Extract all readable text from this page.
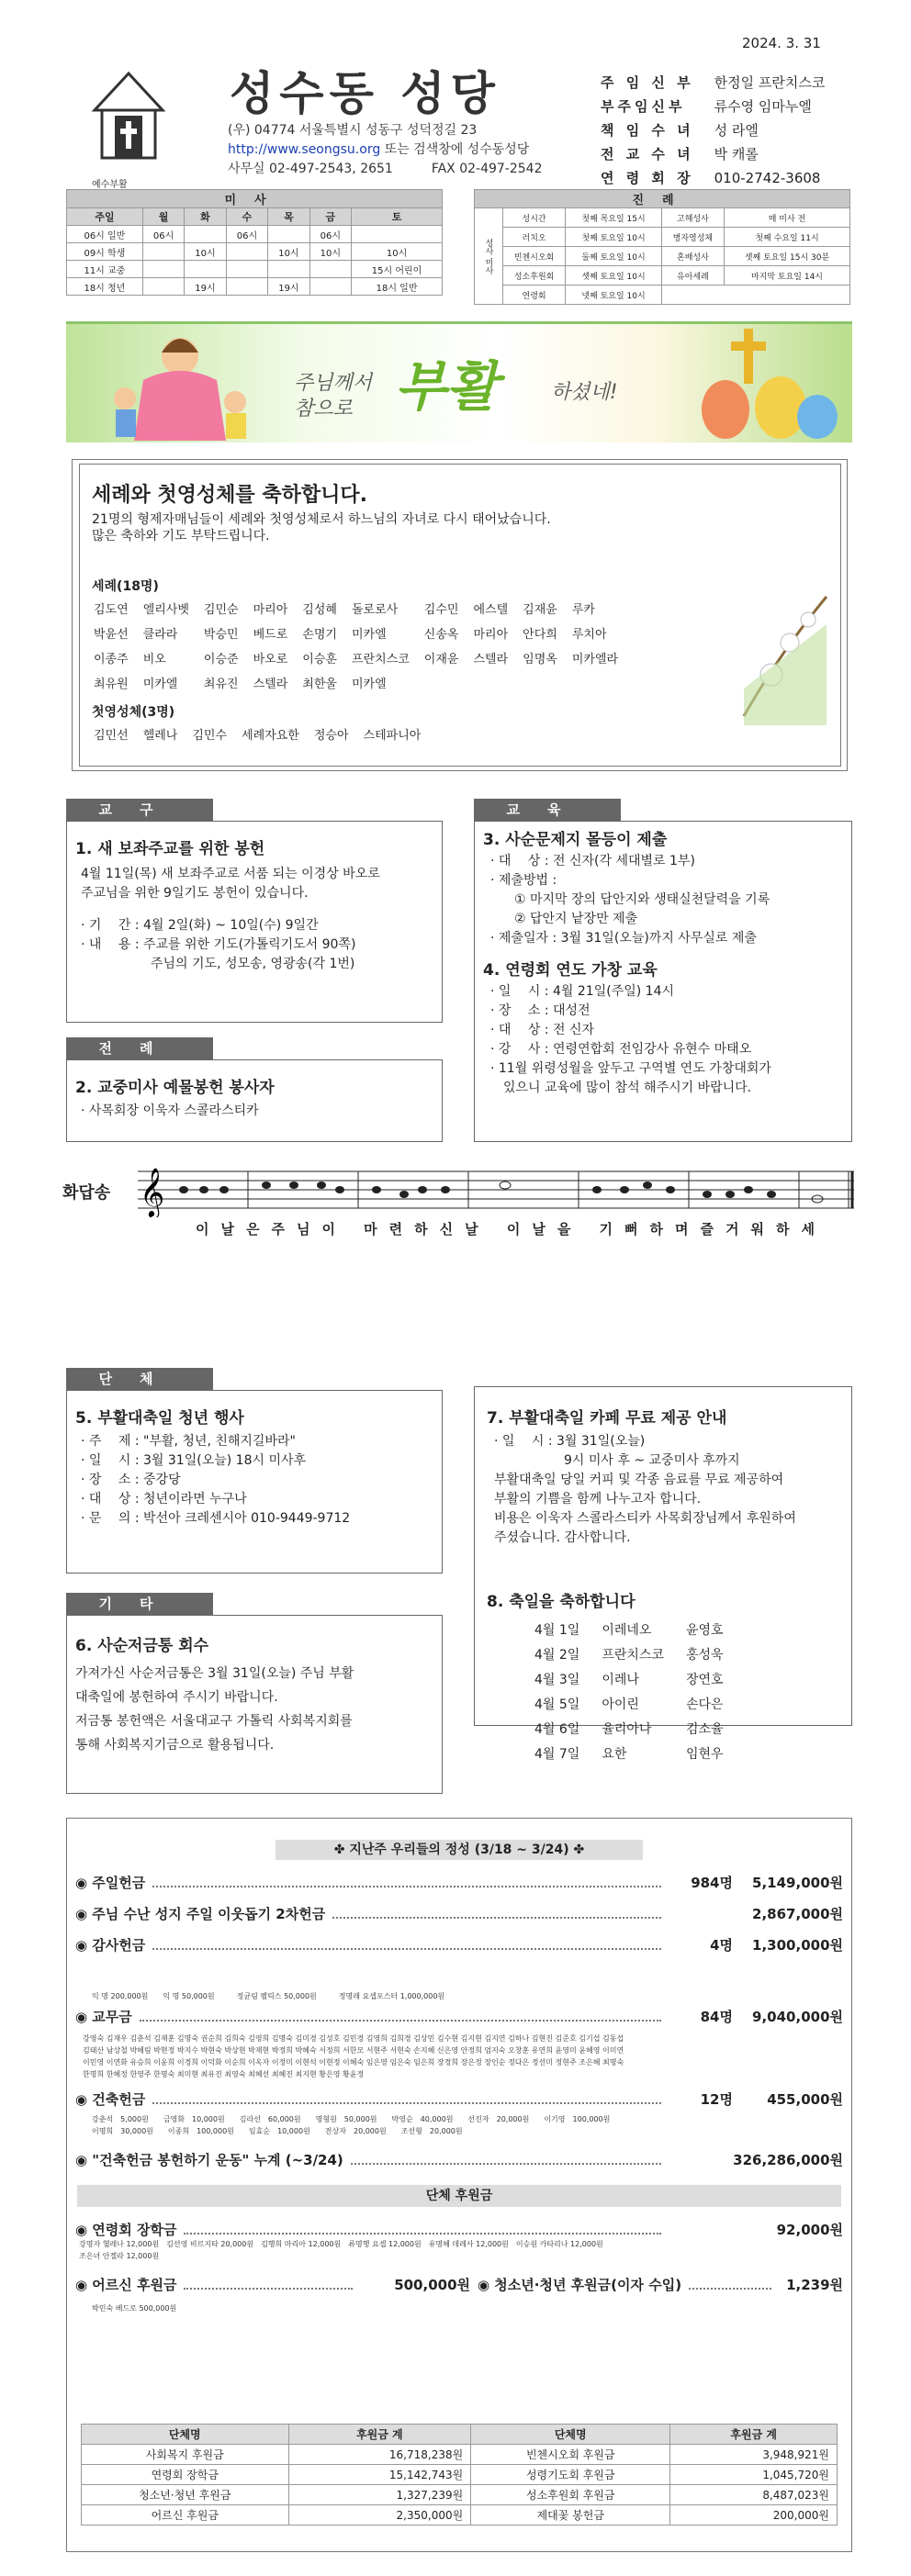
예수부활
성수동 성당
(우) 04774 서울특별시 성동구 성덕정길 23
http://www.seongsu.org 또는 검색창에 성수동성당
사무실 02-497-2543, 2651　　　	FAX 02-497-2542
2024. 3. 31
주 임 신 부	한정일 프란치스코
부주임신부	류수영 임마누엘
책 임 수 녀	성 라엘
전 교 수 녀	박 캐롤
연 령 회 장	010-2742-3608
미사						
주일	월	화	수	목	금	토
06시 일반	06시		06시		06시	
09시 학생		10시		10시	10시	10시
11시 교중						15시 어린이
18시 청년		19시		19시		18시 일반
진례				
성사 미사	성시간	첫째 목요일 15시	고해성사	매 미사 전
	러치오	첫째 토요일 10시	병자영성체	첫째 수요일 11시
	빈첸시오회	둘째 토요일 10시	혼배성사	셋째 토요일 15시 30분
	성소후원회	셋째 토요일 10시	유아세례	마지막 토요일 14시
	연령회	넷째 토요일 10시		
주님께서
참으로 부활	하셨네!
세례와 첫영성체를 축하합니다.
21명의 형제자매님들이 세례와 첫영성체로서 하느님의 자녀로 다시 태어났습니다.
많은 축하와 기도 부탁드립니다.
세례(18명)
김도연	엘리사벳	김민순	마리아	김성혜	돌로로사	김수민	에스텔	김재윤	루카
박윤선	클라라	박승민	베드로	손명기	미카엘	신송옥	마리아	안다희	루치아
이종주	비오	이승준	바오로	이승훈	프란치스코	이재윤	스텔라	임명옥	미카엘라
최유원	미카엘	최유진	스텔라	최한울	미카엘				
첫영성체(3명)
김민선	헬레나	김민수	세례자요한	정승아	스테파니아
교구
1. 새 보좌주교를 위한 봉헌
4월 11일(목) 새 보좌주교로 서품 되는 이경상 바오로
주교님을 위한 9일기도 봉헌이 있습니다.
· 기　 간 : 4월 2일(화) ~ 10일(수) 9일간
· 내　 용 : 주교를 위한 기도(가톨릭기도서 90쪽)
주님의 기도, 성모송, 영광송(각 1번)
전례
2. 교중미사 예물봉헌 봉사자
· 사목회장 이욱자 스콜라스티카
교육
3. 사순문제지 몰등이 제출
· 대　 상 : 전 신자(각 세대별로 1부)
· 제출방법 :
① 마지막 장의 답안지와 생태실천달력을 기록
② 답안지 낱장만 제출
· 제출일자 : 3월 31일(오늘)까지 사무실로 제출
4. 연령회 연도 가창 교육
· 일　 시 : 4월 21일(주일) 14시
· 장　 소 : 대성전
· 대　 상 : 전 신자
· 강　 사 : 연령연합회 전임강사 유현수 마태오
· 11월 위령성월을 앞두고 구역별 연도 가창대회가
있으니 교육에 많이 참석 해주시기 바랍니다.
화답송 𝄞
이날은주님이 마련하신날 이날을 기뻐하며즐거워하세
단체
5. 부활대축일 청년 행사
· 주　 제 : "부활, 청년, 친해지길바라"
· 일　 시 : 3월 31일(오늘) 18시 미사후
· 장　 소 : 중강당
· 대　 상 : 청년이라면 누구나
· 문　 의 : 박선아 크레센시아 010-9449-9712
기타
6. 사순저금통 회수
가져가신 사순저금통은 3월 31일(오늘) 주님 부활
대축일에 봉헌하여 주시기 바랍니다.
저금통 봉헌액은 서울대교구 가톨릭 사회복지회를
통해 사회복지기금으로 활용됩니다.
7. 부활대축일 카페 무료 제공 안내
· 일　 시 : 3월 31일(오늘)
9시 미사 후 ~ 교중미사 후까지
부활대축일 당일 커피 및 각종 음료를 무료 제공하여
부활의 기쁨을 함께 나누고자 합니다.
비용은 이욱자 스콜라스티카 사목회장님께서 후원하여
주셨습니다. 감사합니다.
8. 축일을 축하합니다
4월 1일	이레네오	윤영호
4월 2일	프란치스코	홍성욱
4월 3일	이레나	장연호
4월 5일	아이린	손다은
4월 6일	율리아나	김소율
4월 7일	요한	임현우
✤ 지난주 우리들의 정성 (3/18 ~ 3/24) ✤
◉ 주일헌금	984명	5,149,000원
◉ 주님 수난 성지 주일 이웃돕기 2차헌금	2,867,000원
◉ 감사헌금	4명	1,300,000원
◉ 교무금	84명	9,040,000원
◉ 건축헌금	12명	455,000원
◉ "건축헌금 봉헌하기 운동" 누계 (~3/24)	326,286,000원
◉ 연령회 장학금	92,000원
익 명 200,000원　　익 명 50,000원　　　정균림 펠릭스 50,000원　　　정명래 요셉포스터 1,000,000원
강영숙 김재우 김춘석 김재훈 김명숙 권순희 김희숙 김영희 김명숙 김미경 김성호 김민경 김영희 김희경 김상민 김수현 김지현 김지연 김하나 김현진 김준호 김기섭 김동섭
김태산 남상철 박혜림 박현정 박지수 박현숙 박상현 박재현 박정희 박혜숙 서정희 서한모 서현주 서현숙 손지혜 신은영 안정희 엄지숙 오창훈 유연희 윤영미 윤혜영 이미연
이민영 이연화 유승희 이윤희 이경희 이덕화 이순희 이옥자 이정미 이현석 이현정 이혜숙 임은영 임은숙 임은희 장경희 장은정 장인순 정다은 정선미 정현주 조은혜 최명숙
한명희 한혜정 한영주 한명숙 최미현 최유진 최영숙 최혜선 최혜진 최지현 황은영 황윤정
강춘석　5,000원　　금영화　10,000원　　김라선　60,000원　　명형원　50,000원　　박영순　40,000원　　선진자　20,000원　　이기영　100,000원
이명희　30,000원　　이종희　100,000원　　임효순　10,000원　　전상자　20,000원　　조선형　20,000원
단체 후원금
강명자 헬레나 12,000원　김선영 비르지타 20,000원　김행희 마리아 12,000원　류명행 요셉 12,000원　유명혜 데레사 12,000원　이승원 카타리나 12,000원
조은녀 안젤라 12,000원
◉ 어르신 후원금	500,000원 ◉ 청소년·청년 후원금(이자 수입)	1,239원
박민숙 베드로 500,000원
단체명	후원금 계	단체명	후원금 계
사회복지 후원금	16,718,238원	빈첸시오회 후원금	3,948,921원
연령회 장학금	15,142,743원	성령기도회 후원금	1,045,720원
청소년·청년 후원금	1,327,239원	성소후원회 후원금	8,487,023원
어르신 후원금	2,350,000원	제대꽃 봉헌금	200,000원
